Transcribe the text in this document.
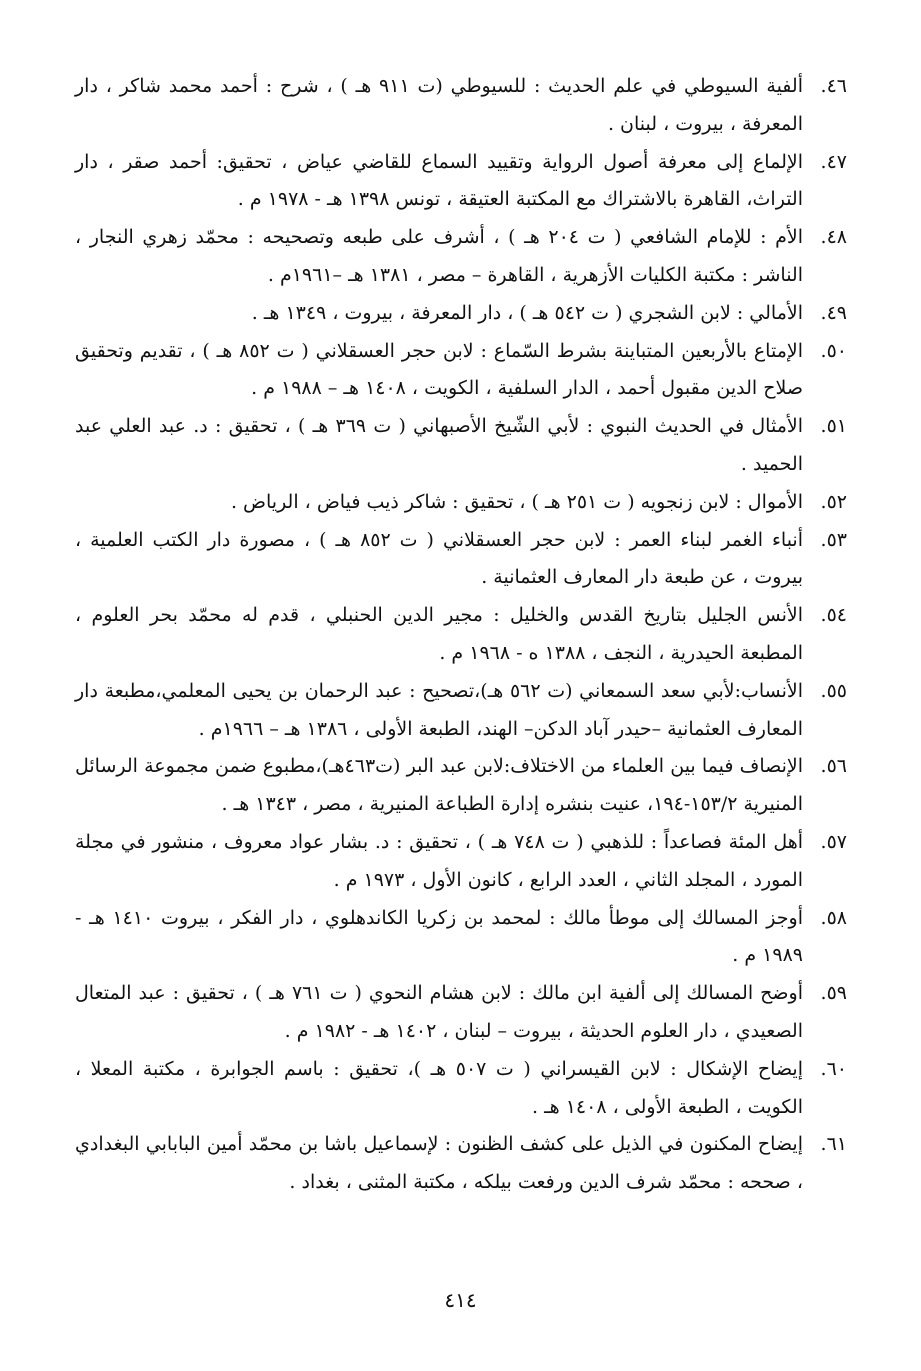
٤٦.
ألفية السيوطي في علم الحديث : للسيوطي (ت ٩١١ هـ ) ، شرح : أحمد محمد شاكر ، دار المعرفة ، بيروت ، لبنان .
٤٧.
الإلماع إلى معرفة أصول الرواية وتقييد السماع للقاضي عياض ، تحقيق: أحمد صقر ، دار التراث، القاهرة بالاشتراك مع المكتبة العتيقة ، تونس ١٣٩٨ هـ - ١٩٧٨ م .
٤٨.
الأم : للإمام الشافعي ( ت ٢٠٤ هـ ) ، أشرف على طبعه وتصحيحه : محمّد زهري النجار ، الناشر : مكتبة الكليات الأزهرية ، القاهرة – مصر ، ١٣٨١ هـ –١٩٦١م .
٤٩.
الأمالي : لابن الشجري ( ت ٥٤٢ هـ ) ، دار المعرفة ، بيروت ، ١٣٤٩ هـ .
٥٠.
الإمتاع بالأربعين المتباينة بشرط السّماع : لابن حجر العسقلاني ( ت ٨٥٢ هـ ) ، تقديم وتحقيق صلاح الدين مقبول أحمد ، الدار السلفية ، الكويت ، ١٤٠٨ هـ – ١٩٨٨ م .
٥١.
الأمثال في الحديث النبوي : لأبي الشّيخ الأصبهاني ( ت ٣٦٩ هـ ) ، تحقيق : د. عبد العلي عبد الحميد .
٥٢.
الأموال : لابن زنجويه ( ت ٢٥١ هـ ) ، تحقيق : شاكر ذيب فياض ، الرياض .
٥٣.
أنباء الغمر لبناء العمر : لابن حجر العسقلاني ( ت ٨٥٢ هـ ) ، مصورة دار الكتب العلمية ، بيروت ، عن طبعة دار المعارف العثمانية .
٥٤.
الأنس الجليل بتاريخ القدس والخليل : مجير الدين الحنبلي ، قدم له محمّد بحر العلوم ، المطبعة الحيدرية ، النجف ، ١٣٨٨ ه - ١٩٦٨ م .
٥٥.
الأنساب:لأبي سعد السمعاني (ت ٥٦٢ هـ)،تصحيح : عبد الرحمان بن يحيى المعلمي،مطبعة دار المعارف العثمانية –حيدر آباد الدكن– الهند، الطبعة الأولى ، ١٣٨٦ هـ – ١٩٦٦م .
٥٦.
الإنصاف فيما بين العلماء من الاختلاف:لابن عبد البر (ت٤٦٣هـ)،مطبوع ضمن مجموعة الرسائل المنيرية ١٥٣/٢-١٩٤، عنيت بنشره إدارة الطباعة المنيرية ، مصر ، ١٣٤٣ هـ .
٥٧.
أهل المئة فصاعداً : للذهبي ( ت ٧٤٨ هـ ) ، تحقيق : د. بشار عواد معروف ، منشور في مجلة المورد ، المجلد الثاني ، العدد الرابع ، كانون الأول ، ١٩٧٣ م .
٥٨.
أوجز المسالك إلى موطأ مالك : لمحمد بن زكريا الكاندهلوي ، دار الفكر ، بيروت ١٤١٠ هـ - ١٩٨٩ م .
٥٩.
أوضح المسالك إلى ألفية ابن مالك : لابن هشام النحوي ( ت ٧٦١ هـ ) ، تحقيق : عبد المتعال الصعيدي ، دار العلوم الحديثة ، بيروت – لبنان ، ١٤٠٢ هـ - ١٩٨٢ م .
٦٠.
إيضاح الإشكال : لابن القيسراني ( ت ٥٠٧ هـ )، تحقيق : باسم الجوابرة ، مكتبة المعلا ، الكويت ، الطبعة الأولى ، ١٤٠٨ هـ .
٦١.
إيضاح المكنون في الذيل على كشف الظنون : لإسماعيل باشا بن محمّد أمين البابابي البغدادي ، صححه : محمّد شرف الدين ورفعت بيلكه ، مكتبة المثنى ، بغداد .
٤١٤
